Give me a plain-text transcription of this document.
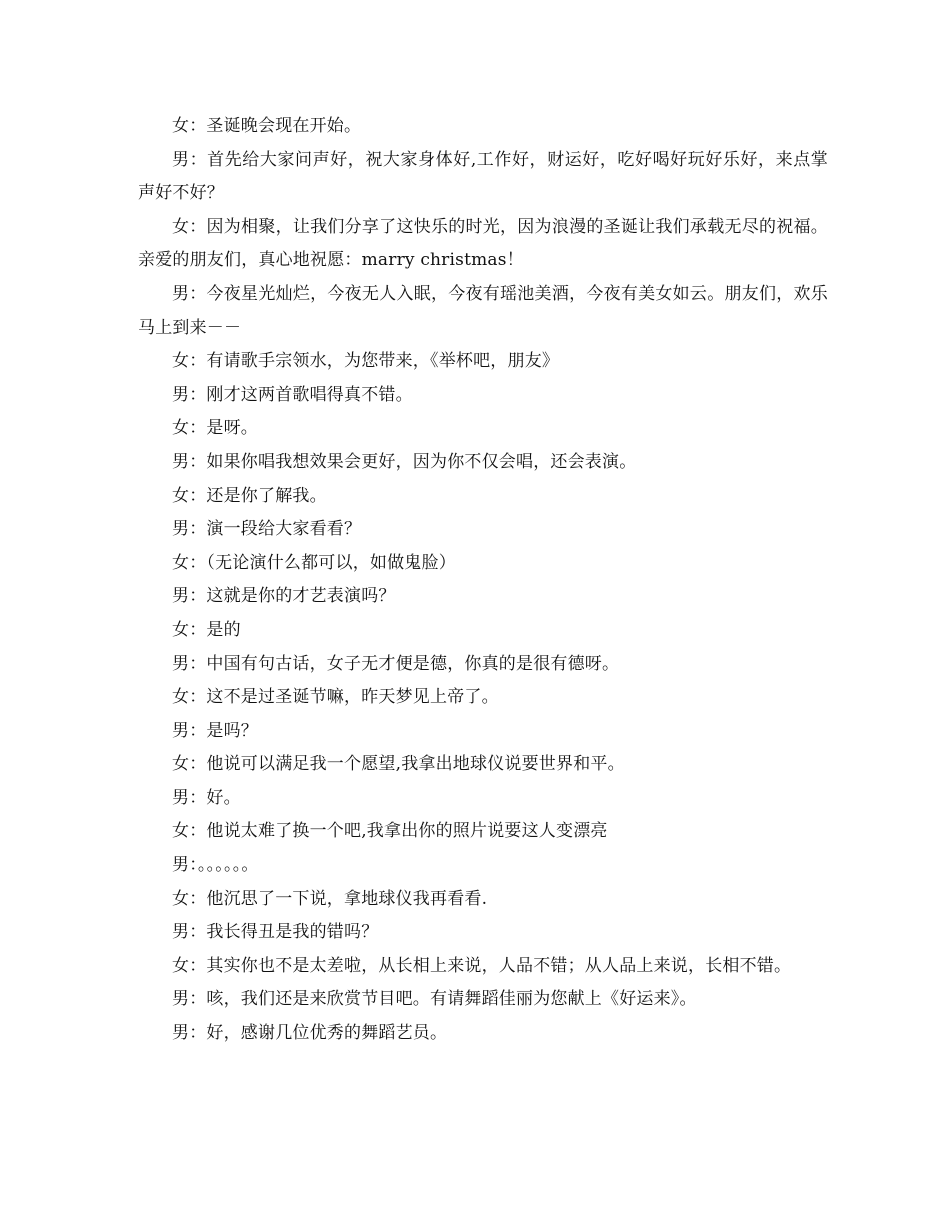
女：圣诞晚会现在开始。

男：首先给大家问声好，祝大家身体好,工作好，财运好，吃好喝好玩好乐好，来点掌声好不好？

女：因为相聚，让我们分享了这快乐的时光，因为浪漫的圣诞让我们承载无尽的祝福。亲爱的朋友们，真心地祝愿：marry christmas！

男：今夜星光灿烂，今夜无人入眠，今夜有瑶池美酒，今夜有美女如云。朋友们，欢乐马上到来－－

女：有请歌手宗领水，为您带来，《举杯吧，朋友》

男：刚才这两首歌唱得真不错。

女：是呀。

男：如果你唱我想效果会更好，因为你不仅会唱，还会表演。

女：还是你了解我。

男：演一段给大家看看？

女：（无论演什么都可以，如做鬼脸）

男：这就是你的才艺表演吗？

女：是的

男：中国有句古话，女子无才便是德，你真的是很有德呀。

女：这不是过圣诞节嘛，昨天梦见上帝了。

男：是吗？

女：他说可以满足我一个愿望,我拿出地球仪说要世界和平。

男：好。

女：他说太难了换一个吧,我拿出你的照片说要这人变漂亮

男：。。。。。。

女：他沉思了一下说，拿地球仪我再看看.

男：我长得丑是我的错吗？

女：其实你也不是太差啦，从长相上来说，人品不错；从人品上来说，长相不错。

男：咳，我们还是来欣赏节目吧。有请舞蹈佳丽为您献上《好运来》。

男：好，感谢几位优秀的舞蹈艺员。
